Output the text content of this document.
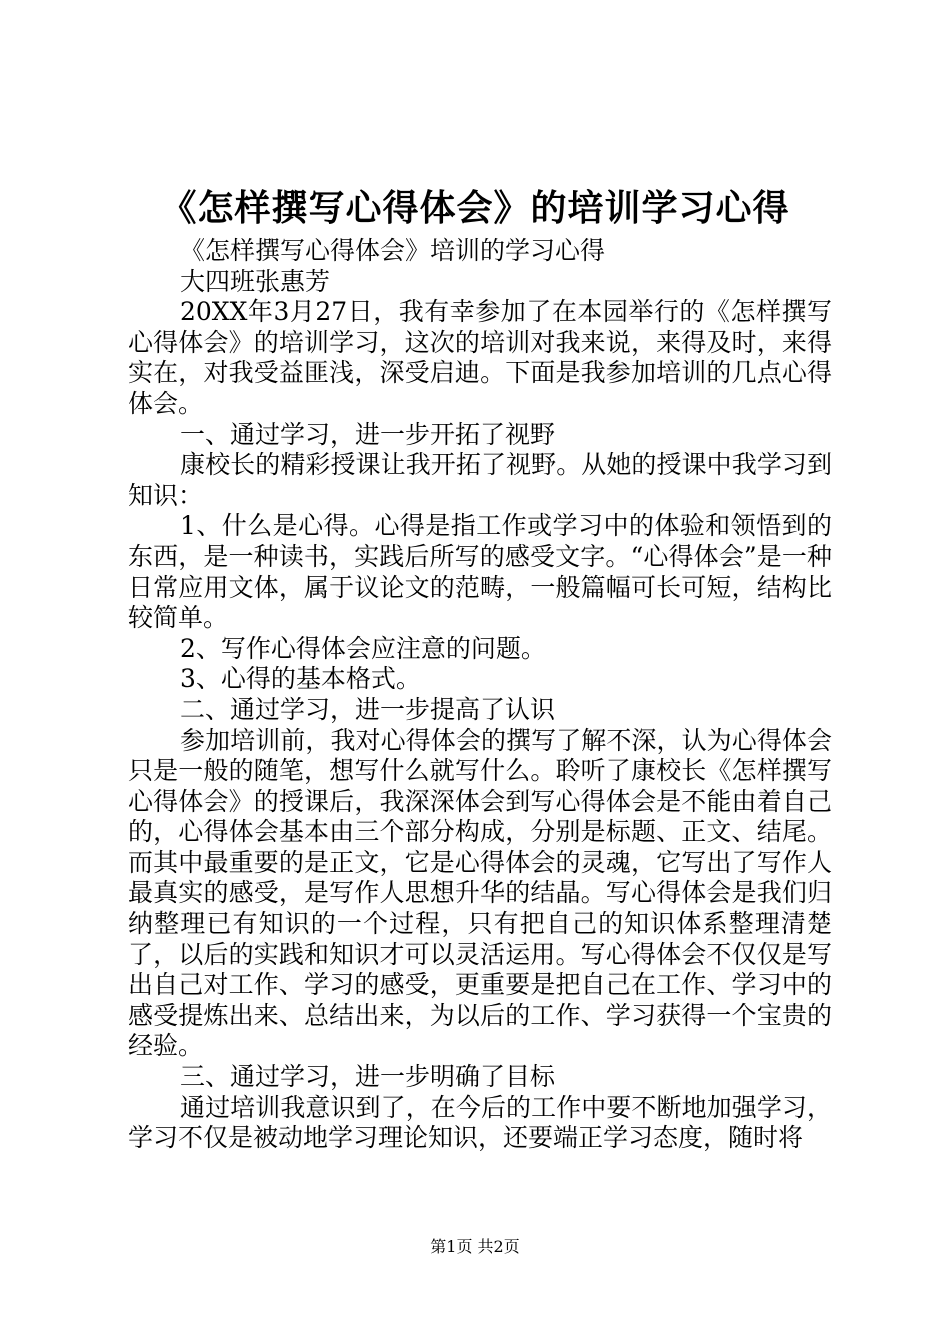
《怎样撰写心得体会》的培训学习心得

《怎样撰写心得体会》培训的学习心得

大四班张惠芳

20XX年3月27日，我有幸参加了在本园举行的《怎样撰写心得体会》的培训学习，这次的培训对我来说，来得及时，来得实在，对我受益匪浅，深受启迪。下面是我参加培训的几点心得体会。

一、通过学习，进一步开拓了视野

康校长的精彩授课让我开拓了视野。从她的授课中我学习到知识：

1、什么是心得。心得是指工作或学习中的体验和领悟到的东西，是一种读书，实践后所写的感受文字。“心得体会”是一种日常应用文体，属于议论文的范畴，一般篇幅可长可短，结构比较简单。

2、写作心得体会应注意的问题。

3、心得的基本格式。

二、通过学习，进一步提高了认识

参加培训前，我对心得体会的撰写了解不深，认为心得体会只是一般的随笔，想写什么就写什么。聆听了康校长《怎样撰写心得体会》的授课后，我深深体会到写心得体会是不能由着自己的，心得体会基本由三个部分构成，分别是标题、正文、结尾。而其中最重要的是正文，它是心得体会的灵魂，它写出了写作人最真实的感受，是写作人思想升华的结晶。写心得体会是我们归纳整理已有知识的一个过程，只有把自己的知识体系整理清楚了，以后的实践和知识才可以灵活运用。写心得体会不仅仅是写出自己对工作、学习的感受，更重要是把自己在工作、学习中的感受提炼出来、总结出来，为以后的工作、学习获得一个宝贵的经验。

三、通过学习，进一步明确了目标

通过培训我意识到了，在今后的工作中要不断地加强学习，学习不仅是被动地学习理论知识，还要端正学习态度，随时将

第1页 共2页
